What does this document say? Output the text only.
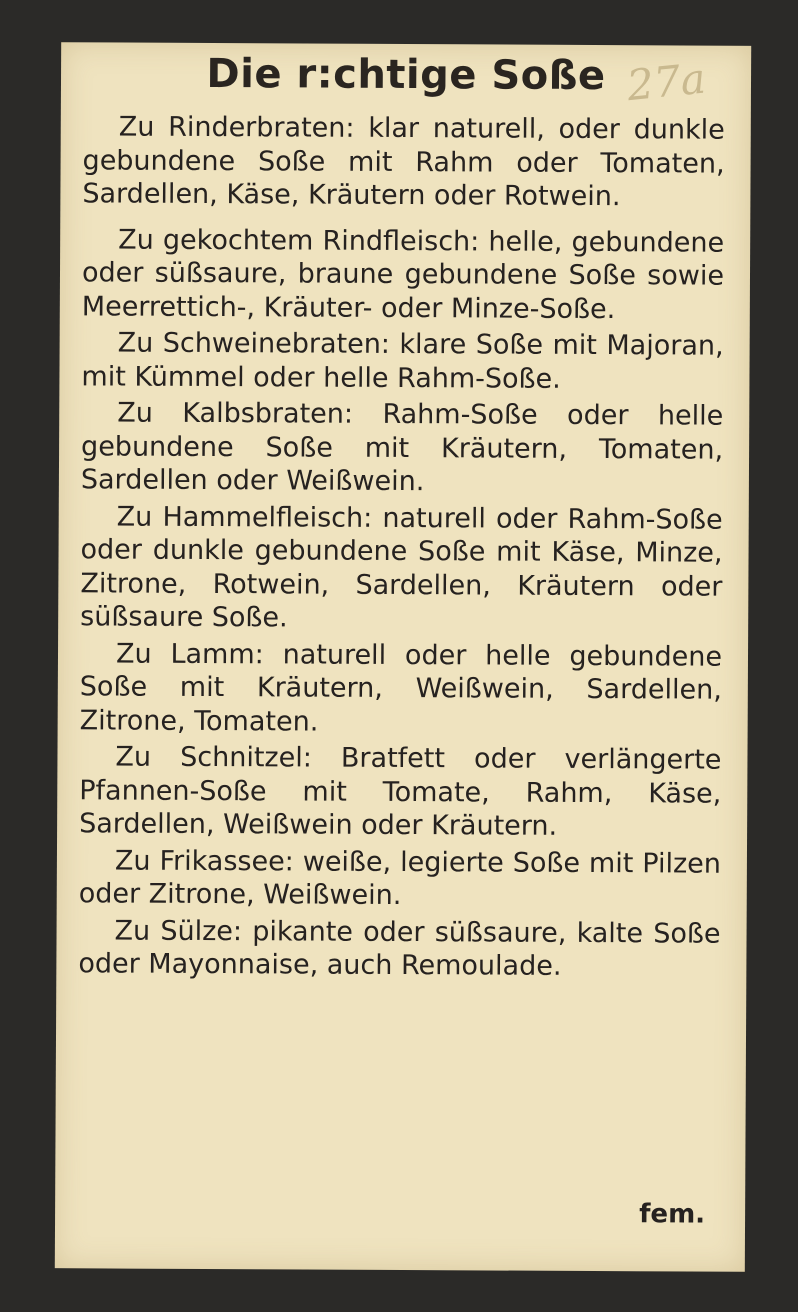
Die r:chtige Soße 27a

Zu Rinderbraten: klar naturell, oder dunkle gebundene Soße mit Rahm oder Tomaten, Sardellen, Käse, Kräutern oder Rotwein.

Zu gekochtem Rindfleisch: helle, gebundene oder süßsaure, braune gebundene Soße sowie Meerrettich-, Kräuter- oder Minze-Soße.

Zu Schweinebraten: klare Soße mit Majoran, mit Kümmel oder helle Rahm-Soße.

Zu Kalbsbraten: Rahm-Soße oder helle gebundene Soße mit Kräutern, Tomaten, Sardellen oder Weißwein.

Zu Hammelfleisch: naturell oder Rahm-Soße oder dunkle gebundene Soße mit Käse, Minze, Zitrone, Rotwein, Sardellen, Kräutern oder süßsaure Soße.

Zu Lamm: naturell oder helle gebundene Soße mit Kräutern, Weißwein, Sardellen, Zitrone, Tomaten.

Zu Schnitzel: Bratfett oder verlängerte Pfannen-Soße mit Tomate, Rahm, Käse, Sardellen, Weißwein oder Kräutern.

Zu Frikassee: weiße, legierte Soße mit Pilzen oder Zitrone, Weißwein.

Zu Sülze: pikante oder süßsaure, kalte Soße oder Mayonnaise, auch Remoulade.

fem.
